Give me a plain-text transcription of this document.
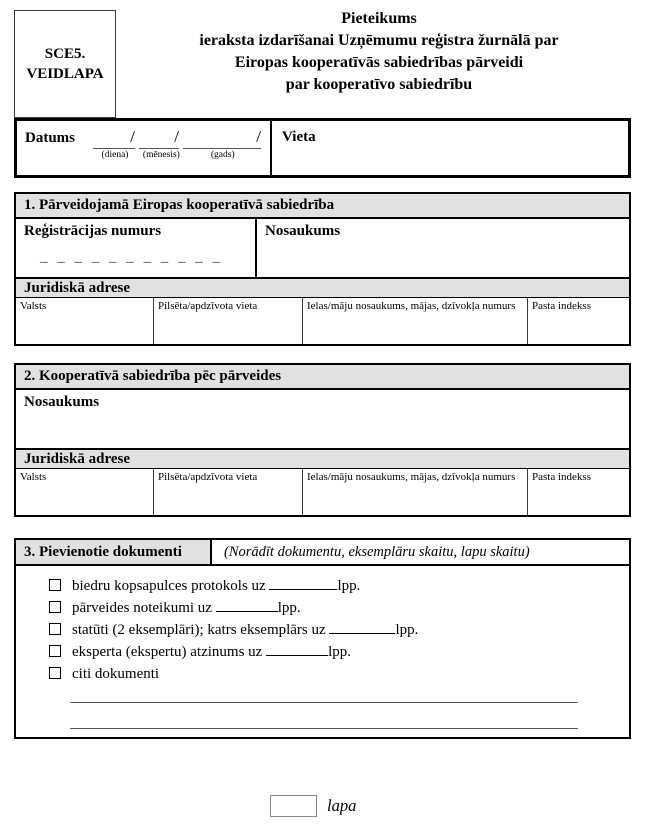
SCE5.
VEIDLAPA
Pieteikums
ieraksta izdarīšanai Uzņēmumu reģistra žurnālā par
Eiropas kooperatīvās sabiedrības pārveidi
par kooperatīvo sabiedrību
Datums	/	/	/
(diena) (mēnesis)	(gads)
Vieta
1. Pārveidojamā Eiropas kooperatīvā sabiedrība
Reģistrācijas numurs
– – – – – – – – – – –
Nosaukums
Juridiskā adrese
Valsts	Pilsēta/apdzīvota vieta	Ielas/māju nosaukums, mājas, dzīvokļa numurs	Pasta indekss
2. Kooperatīvā sabiedrība pēc pārveides
Nosaukums
Juridiskā adrese
Valsts	Pilsēta/apdzīvota vieta	Ielas/māju nosaukums, mājas, dzīvokļa numurs	Pasta indekss
3. Pievienotie dokumenti	(Norādīt dokumentu, eksemplāru skaitu, lapu skaitu)
biedru kopsapulces protokols uz	lpp.
pārveides noteikumi uz	lpp.
statūti (2 eksemplāri); katrs eksemplārs uz	lpp.
eksperta (ekspertu) atzinums uz	lpp.
citi dokumenti
lapa
